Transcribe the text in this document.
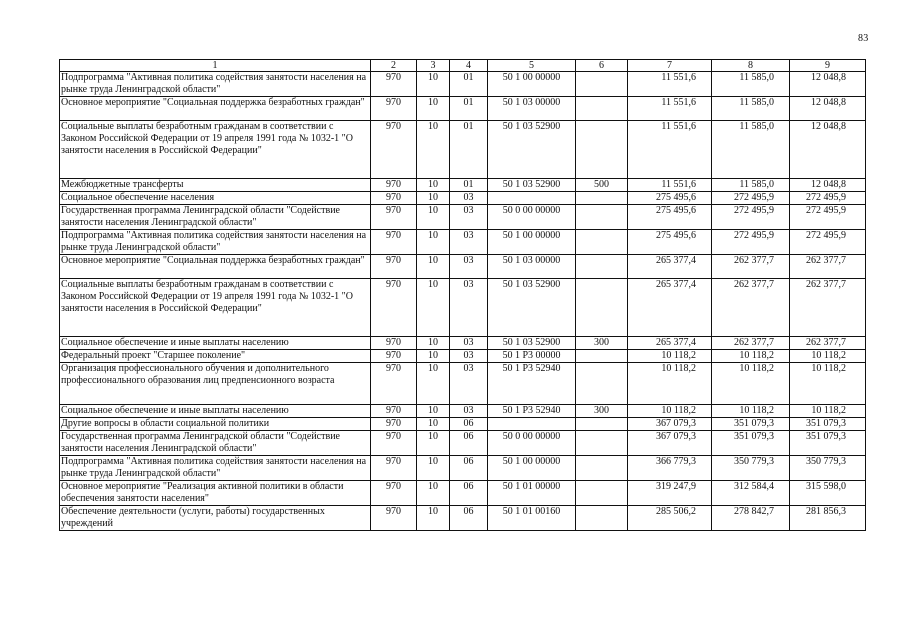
83
1	2	3	4	5	6	7	8	9
Подпрограмма "Активная политика содействия занятости населения на рынке труда Ленинградской области"	970	10	01	50 1 00 00000		11 551,6	11 585,0	12 048,8
Основное мероприятие "Социальная поддержка безработных граждан"	970	10	01	50 1 03 00000		11 551,6	11 585,0	12 048,8
Социальные выплаты безработным гражданам в соответствии с Законом Российской Федерации от 19 апреля 1991 года № 1032-1 "О занятости населения в Российской Федерации"	970	10	01	50 1 03 52900		11 551,6	11 585,0	12 048,8
Межбюджетные трансферты	970	10	01	50 1 03 52900	500	11 551,6	11 585,0	12 048,8
Социальное обеспечение населения	970	10	03			275 495,6	272 495,9	272 495,9
Государственная программа Ленинградской области "Содействие занятости населения Ленинградской области"	970	10	03	50 0 00 00000		275 495,6	272 495,9	272 495,9
Подпрограмма "Активная политика содействия занятости населения на рынке труда Ленинградской области"	970	10	03	50 1 00 00000		275 495,6	272 495,9	272 495,9
Основное мероприятие "Социальная поддержка безработных граждан"	970	10	03	50 1 03 00000		265 377,4	262 377,7	262 377,7
Социальные выплаты безработным гражданам в соответствии с Законом Российской Федерации от 19 апреля 1991 года № 1032-1 "О занятости населения в Российской Федерации"	970	10	03	50 1 03 52900		265 377,4	262 377,7	262 377,7
Социальное обеспечение и иные выплаты населению	970	10	03	50 1 03 52900	300	265 377,4	262 377,7	262 377,7
Федеральный проект "Старшее поколение"	970	10	03	50 1 P3 00000		10 118,2	10 118,2	10 118,2
Организация профессионального обучения и дополнительного профессионального образования лиц предпенсионного возраста	970	10	03	50 1 P3 52940		10 118,2	10 118,2	10 118,2
Социальное обеспечение и иные выплаты населению	970	10	03	50 1 P3 52940	300	10 118,2	10 118,2	10 118,2
Другие вопросы в области социальной политики	970	10	06			367 079,3	351 079,3	351 079,3
Государственная программа Ленинградской области "Содействие занятости населения Ленинградской области"	970	10	06	50 0 00 00000		367 079,3	351 079,3	351 079,3
Подпрограмма "Активная политика содействия занятости населения на рынке труда Ленинградской области"	970	10	06	50 1 00 00000		366 779,3	350 779,3	350 779,3
Основное мероприятие "Реализация активной политики в области обеспечения занятости населения"	970	10	06	50 1 01 00000		319 247,9	312 584,4	315 598,0
Обеспечение деятельности (услуги, работы) государственных учреждений	970	10	06	50 1 01 00160		285 506,2	278 842,7	281 856,3
